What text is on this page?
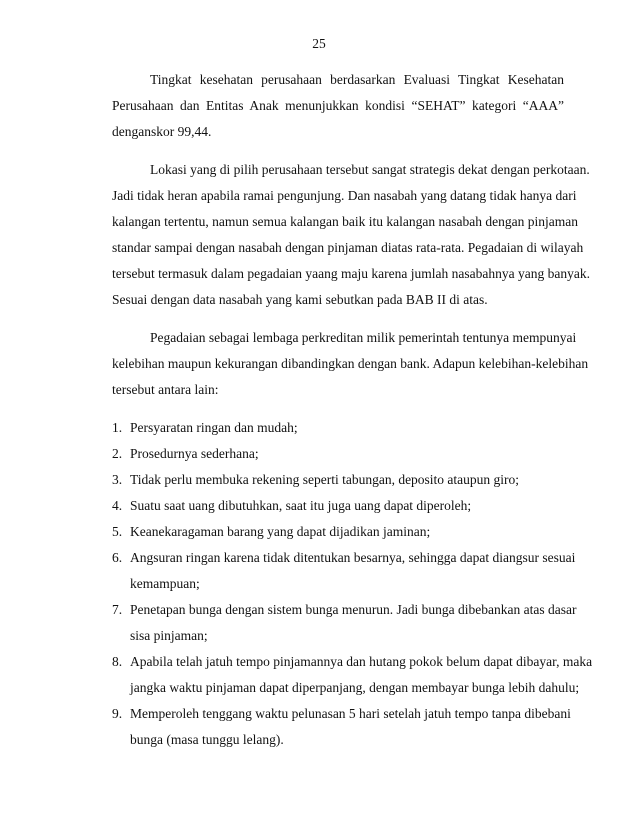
25
Tingkat kesehatan perusahaan berdasarkan Evaluasi Tingkat Kesehatan
Perusahaan dan Entitas Anak menunjukkan kondisi “SEHAT” kategori “AAA”
denganskor 99,44.
Lokasi yang di pilih perusahaan tersebut sangat strategis dekat dengan perkotaan.
Jadi tidak heran apabila ramai pengunjung. Dan nasabah yang datang tidak hanya dari
kalangan tertentu, namun semua kalangan baik itu kalangan nasabah dengan pinjaman
standar sampai dengan nasabah dengan pinjaman diatas rata-rata. Pegadaian di wilayah
tersebut termasuk dalam pegadaian yaang maju karena jumlah nasabahnya yang banyak.
Sesuai dengan data nasabah yang kami sebutkan pada BAB II di atas.
Pegadaian sebagai lembaga perkreditan milik pemerintah tentunya mempunyai
kelebihan maupun kekurangan dibandingkan dengan bank. Adapun kelebihan-kelebihan
tersebut antara lain:
1. Persyaratan ringan dan mudah;
2. Prosedurnya sederhana;
3. Tidak perlu membuka rekening seperti tabungan, deposito ataupun giro;
4. Suatu saat uang dibutuhkan, saat itu juga uang dapat diperoleh;
5. Keanekaragaman barang yang dapat dijadikan jaminan;
6. Angsuran ringan karena tidak ditentukan besarnya, sehingga dapat diangsur sesuai
kemampuan;
7. Penetapan bunga dengan sistem bunga menurun. Jadi bunga dibebankan atas dasar
sisa pinjaman;
8. Apabila telah jatuh tempo pinjamannya dan hutang pokok belum dapat dibayar, maka
jangka waktu pinjaman dapat diperpanjang, dengan membayar bunga lebih dahulu;
9. Memperoleh tenggang waktu pelunasan 5 hari setelah jatuh tempo tanpa dibebani
bunga (masa tunggu lelang).
